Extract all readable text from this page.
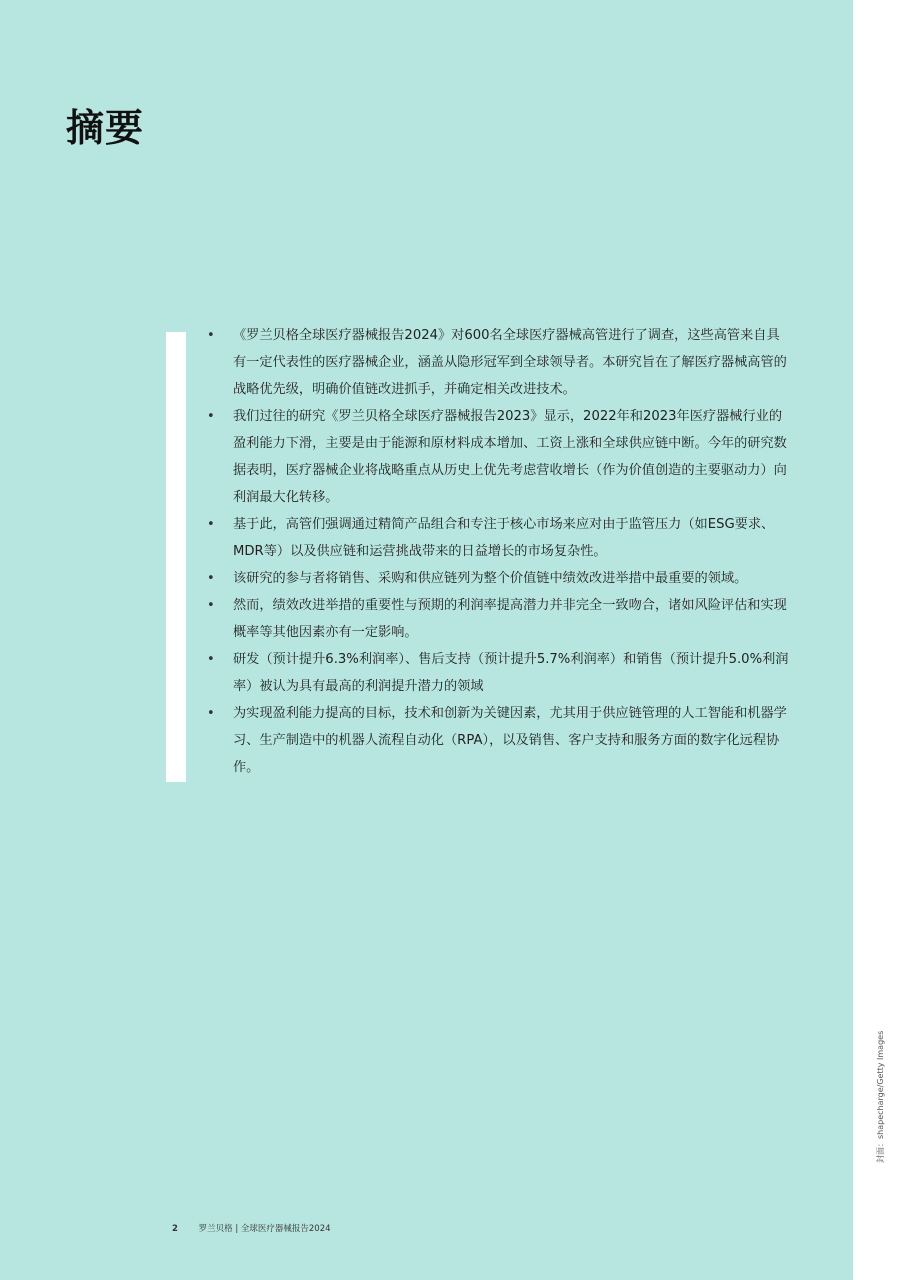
摘要
•	《罗兰贝格全球医疗器械报告2024》对600名全球医疗器械高管进行了调查，这些高管来自具有一定代表性的医疗器械企业，涵盖从隐形冠军到全球领导者。本研究旨在了解医疗器械高管的战略优先级，明确价值链改进抓手，并确定相关改进技术。
•	我们过往的研究《罗兰贝格全球医疗器械报告2023》显示，2022年和2023年医疗器械行业的盈利能力下滑，主要是由于能源和原材料成本增加、工资上涨和全球供应链中断。今年的研究数据表明，医疗器械企业将战略重点从历史上优先考虑营收增长（作为价值创造的主要驱动力）向利润最大化转移。
•	基于此，高管们强调通过精简产品组合和专注于核心市场来应对由于监管压力（如ESG要求、MDR等）以及供应链和运营挑战带来的日益增长的市场复杂性。
•	该研究的参与者将销售、采购和供应链列为整个价值链中绩效改进举措中最重要的领域。
•	然而，绩效改进举措的重要性与预期的利润率提高潜力并非完全一致吻合，诸如风险评估和实现概率等其他因素亦有一定影响。
•	研发（预计提升6.3%利润率）、售后支持（预计提升5.7%利润率）和销售（预计提升5.0%利润率）被认为具有最高的利润提升潜力的领域
•	为实现盈利能力提高的目标，技术和创新为关键因素，尤其用于供应链管理的人工智能和机器学习、生产制造中的机器人流程自动化（RPA），以及销售、客户支持和服务方面的数字化远程协作。
2 罗兰贝格 | 全球医疗器械报告2024
封面：shapecharge/Getty Images
